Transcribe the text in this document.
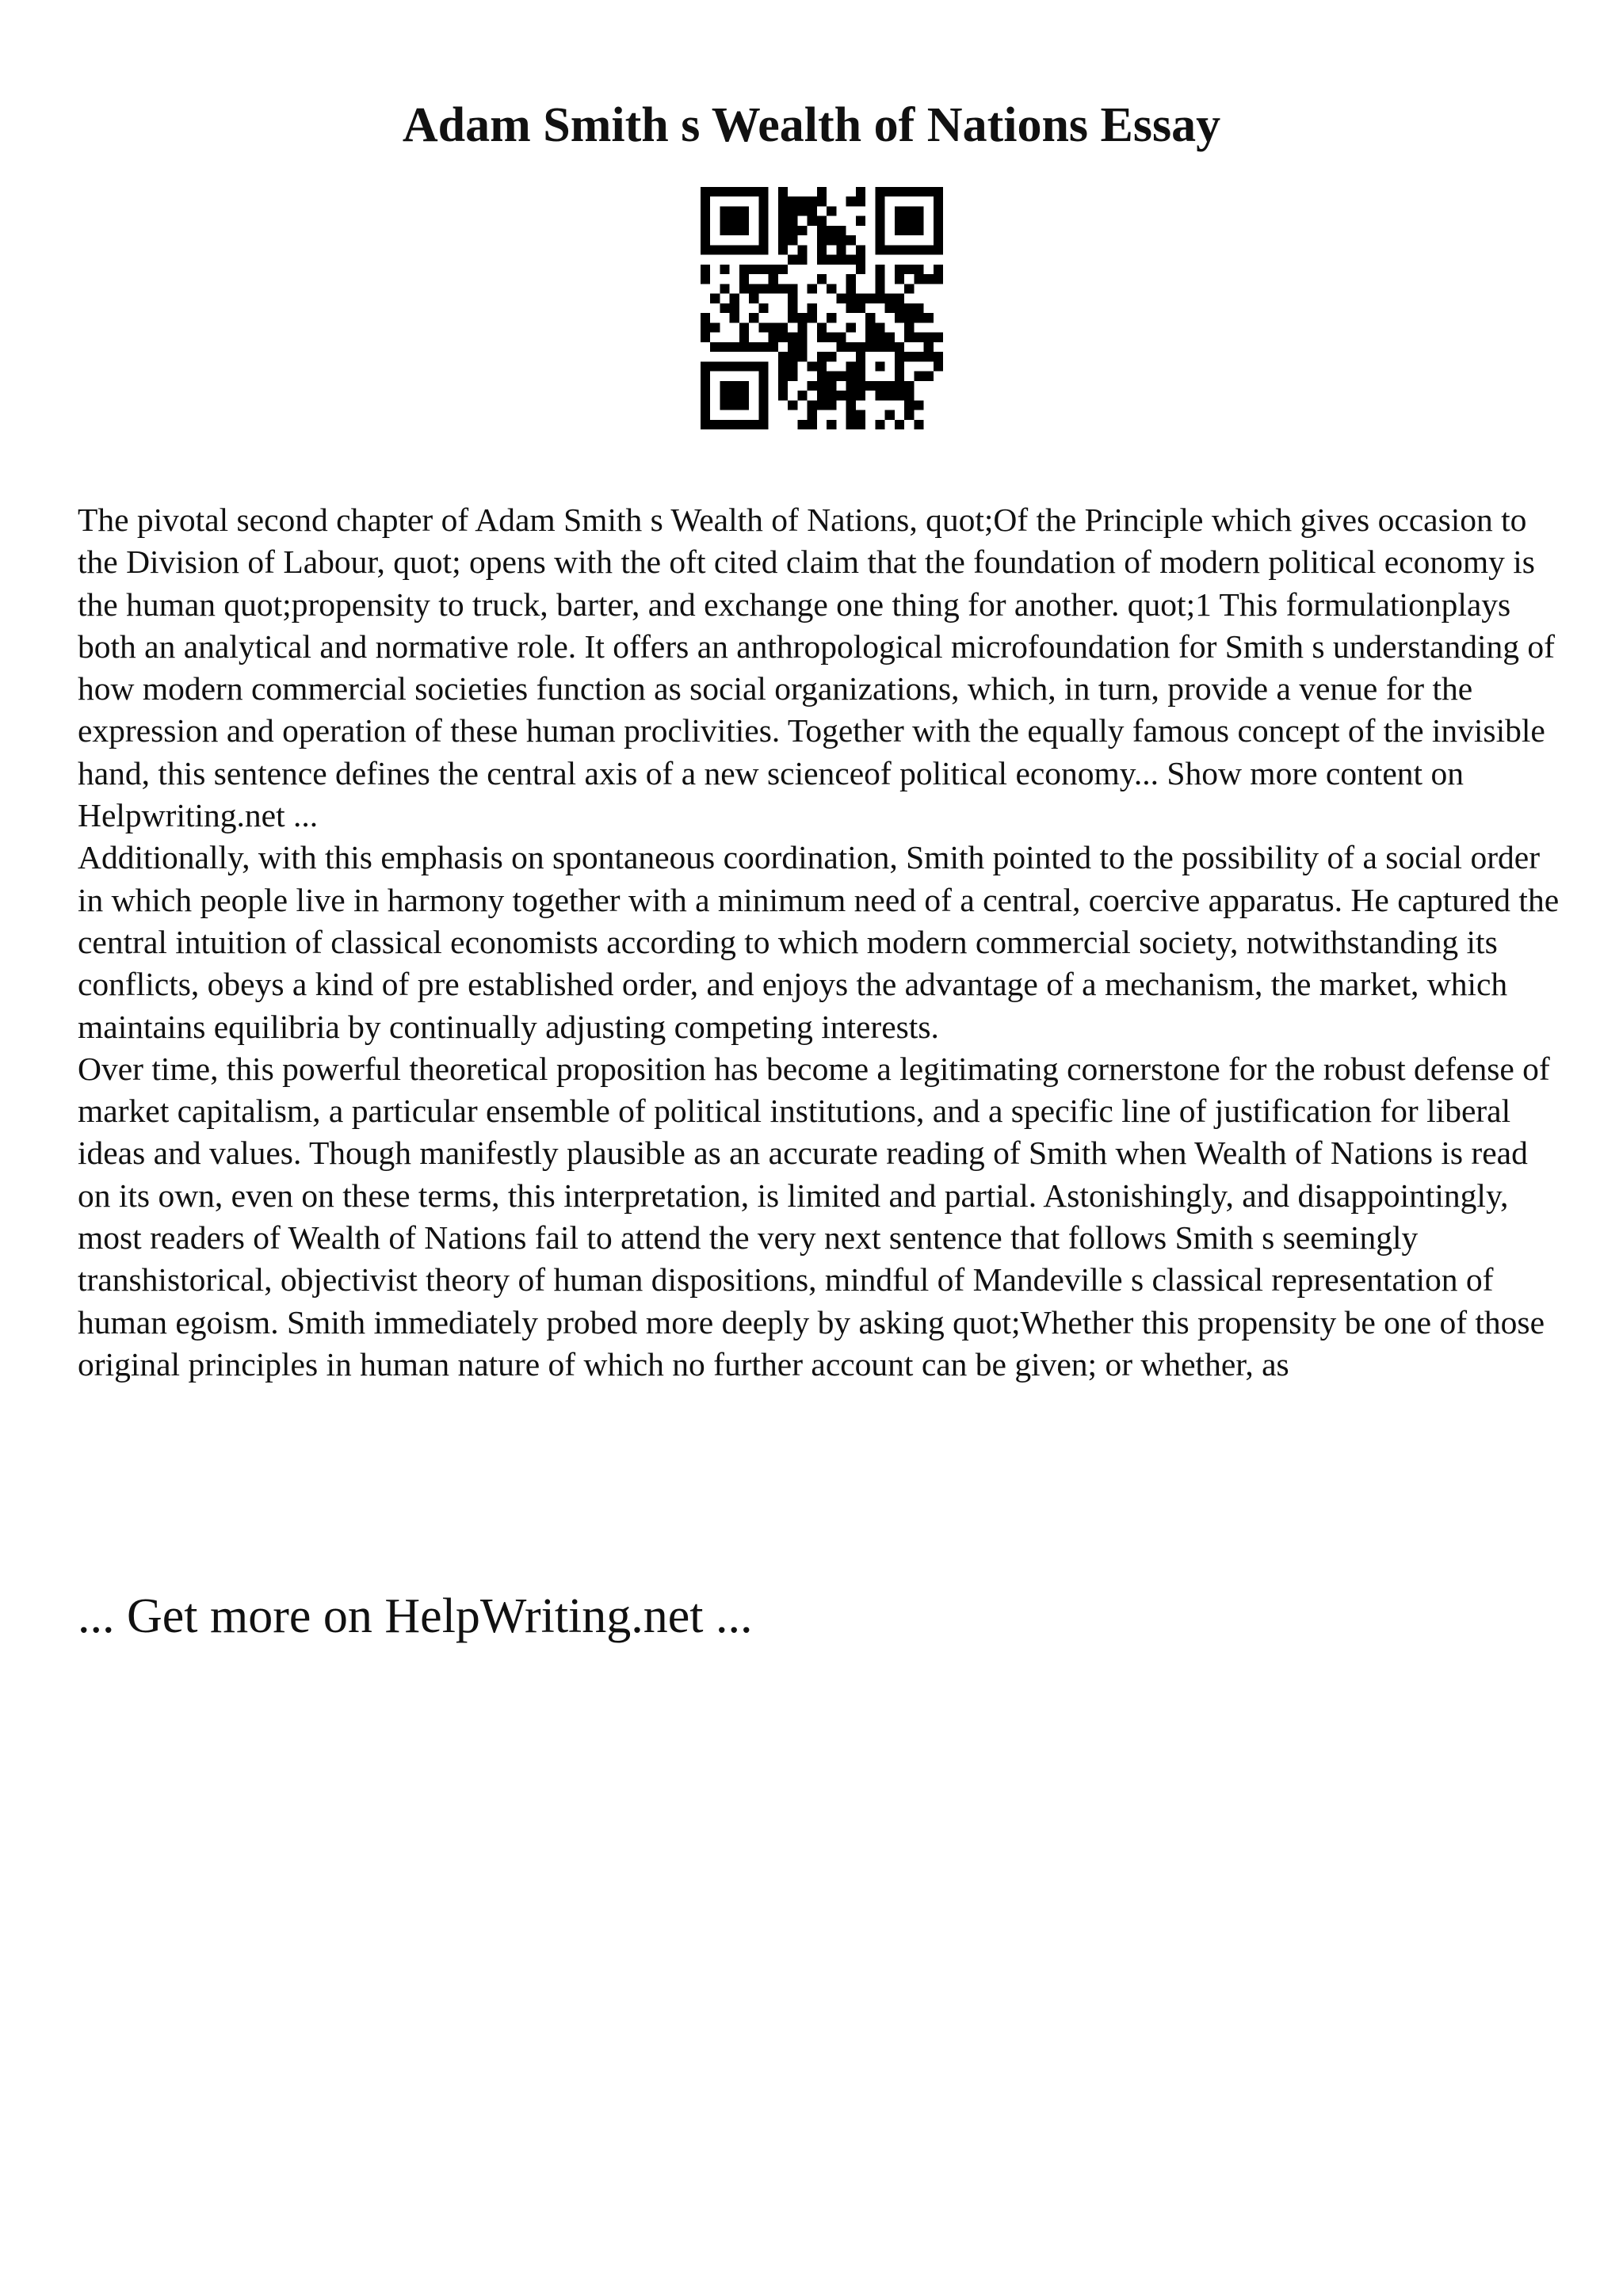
Adam Smith s Wealth of Nations Essay

The pivotal second chapter of Adam Smith s Wealth of Nations, quot;Of the Principle which gives occasion to the Division of Labour, quot; opens with the oft cited claim that the foundation of modern political economy is the human quot;propensity to truck, barter, and exchange one thing for another. quot;1 This formulationplays both an analytical and normative role. It offers an anthropological microfoundation for Smith s understanding of how modern commercial societies function as social organizations, which, in turn, provide a venue for the expression and operation of these human proclivities. Together with the equally famous concept of the invisible hand, this sentence defines the central axis of a new scienceof political economy... Show more content on Helpwriting.net ...

Additionally, with this emphasis on spontaneous coordination, Smith pointed to the possibility of a social order in which people live in harmony together with a minimum need of a central, coercive apparatus. He captured the central intuition of classical economists according to which modern commercial society, notwithstanding its conflicts, obeys a kind of pre established order, and enjoys the advantage of a mechanism, the market, which maintains equilibria by continually adjusting competing interests.

Over time, this powerful theoretical proposition has become a legitimating cornerstone for the robust defense of market capitalism, a particular ensemble of political institutions, and a specific line of justification for liberal ideas and values. Though manifestly plausible as an accurate reading of Smith when Wealth of Nations is read on its own, even on these terms, this interpretation, is limited and partial. Astonishingly, and disappointingly, most readers of Wealth of Nations fail to attend the very next sentence that follows Smith s seemingly transhistorical, objectivist theory of human dispositions, mindful of Mandeville s classical representation of human egoism. Smith immediately probed more deeply by asking quot;Whether this propensity be one of those original principles in human nature of which no further account can be given; or whether, as

... Get more on HelpWriting.net ...
